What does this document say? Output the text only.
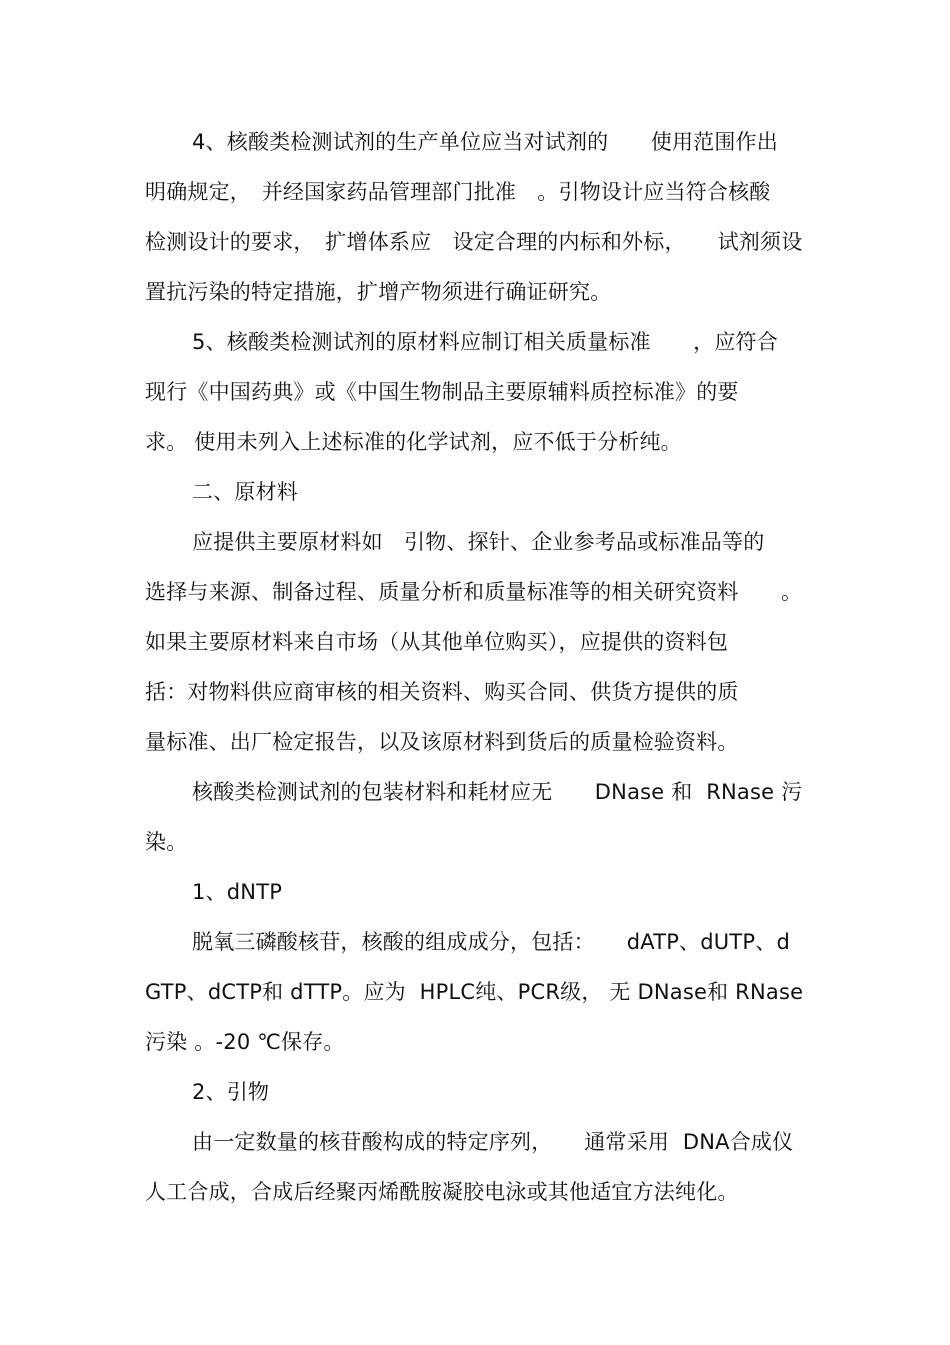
4、核酸类检测试剂的生产单位应当对试剂的　　使用范围作出
明确规定，　并经国家药品管理部门批准　。引物设计应当符合核酸
检测设计的要求，　扩增体系应　设定合理的内标和外标，　　试剂须设
置抗污染的特定措施，扩增产物须进行确证研究。
5、核酸类检测试剂的原材料应制订相关质量标准　　，应符合
现行《中国药典》或《中国生物制品主要原辅料质控标准》的要
求。 使用未列入上述标准的化学试剂，应不低于分析纯。
二、原材料
应提供主要原材料如　引物、探针、企业参考品或标准品等的
选择与来源、制备过程、质量分析和质量标准等的相关研究资料　　。
如果主要原材料来自市场（从其他单位购买），应提供的资料包
括：对物料供应商审核的相关资料、购买合同、供货方提供的质
量标准、出厂检定报告，以及该原材料到货后的质量检验资料。
核酸类检测试剂的包装材料和耗材应无　　DNase 和  RNase 污
染。
1、dNTP
脱氧三磷酸核苷，核酸的组成成分，包括：　　dATP、dUTP、d
GTP、dCTP和 dTTP。应为  HPLC纯、PCR级， 无 DNase和 RNase
污染 。-20 ℃保存。
2、引物
由一定数量的核苷酸构成的特定序列，　　通常采用  DNA合成仪
人工合成，合成后经聚丙烯酰胺凝胶电泳或其他适宜方法纯化。
